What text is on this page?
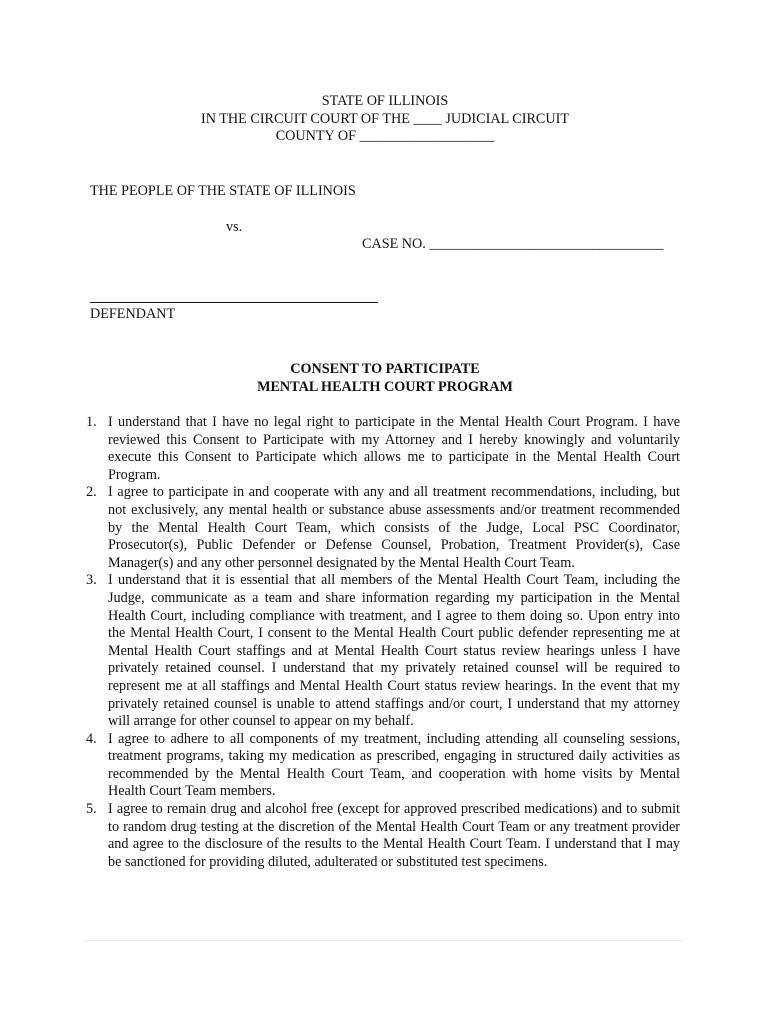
STATE OF ILLINOIS
IN THE CIRCUIT COURT OF THE ____ JUDICIAL CIRCUIT
COUNTY OF ___________________
THE PEOPLE OF THE STATE OF ILLINOIS
vs.
CASE NO. _________________________________
DEFENDANT
CONSENT TO PARTICIPATE
MENTAL HEALTH COURT PROGRAM
1. I understand that I have no legal right to participate in the Mental Health Court Program. I have reviewed this Consent to Participate with my Attorney and I hereby knowingly and voluntarily execute this Consent to Participate which allows me to participate in the Mental Health Court Program.
2. I agree to participate in and cooperate with any and all treatment recommendations, including, but not exclusively, any mental health or substance abuse assessments and/or treatment recommended by the Mental Health Court Team, which consists of the Judge, Local PSC Coordinator, Prosecutor(s), Public Defender or Defense Counsel, Probation, Treatment Provider(s), Case Manager(s) and any other personnel designated by the Mental Health Court Team.
3. I understand that it is essential that all members of the Mental Health Court Team, including the Judge, communicate as a team and share information regarding my participation in the Mental Health Court, including compliance with treatment, and I agree to them doing so. Upon entry into the Mental Health Court, I consent to the Mental Health Court public defender representing me at Mental Health Court staffings and at Mental Health Court status review hearings unless I have privately retained counsel. I understand that my privately retained counsel will be required to represent me at all staffings and Mental Health Court status review hearings. In the event that my privately retained counsel is unable to attend staffings and/or court, I understand that my attorney will arrange for other counsel to appear on my behalf.
4. I agree to adhere to all components of my treatment, including attending all counseling sessions, treatment programs, taking my medication as prescribed, engaging in structured daily activities as recommended by the Mental Health Court Team, and cooperation with home visits by Mental Health Court Team members.
5. I agree to remain drug and alcohol free (except for approved prescribed medications) and to submit to random drug testing at the discretion of the Mental Health Court Team or any treatment provider and agree to the disclosure of the results to the Mental Health Court Team. I understand that I may be sanctioned for providing diluted, adulterated or substituted test specimens.
